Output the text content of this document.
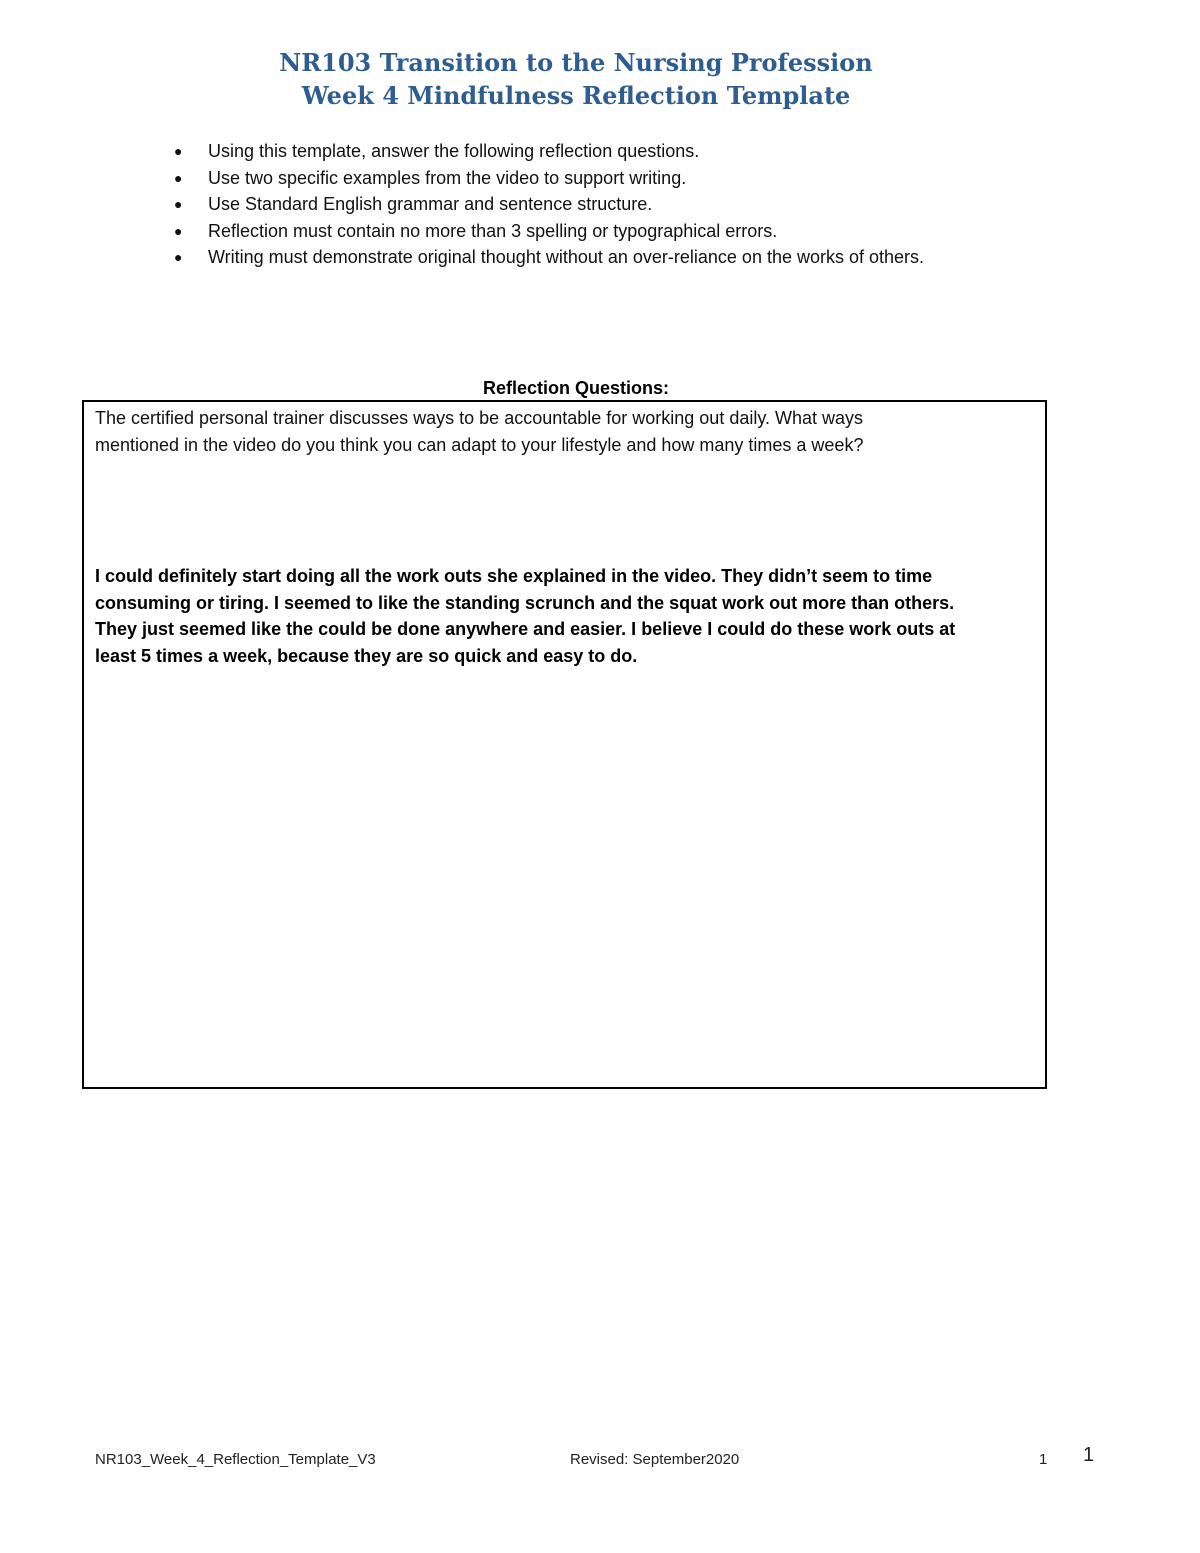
NR103 Transition to the Nursing Profession
Week 4 Mindfulness Reflection Template
● Using this template, answer the following reflection questions.
● Use two specific examples from the video to support writing.
● Use Standard English grammar and sentence structure.
● Reflection must contain no more than 3 spelling or typographical errors.
● Writing must demonstrate original thought without an over-reliance on the works of others.
Reflection Questions:
The certified personal trainer discusses ways to be accountable for working out daily. What ways
mentioned in the video do you think you can adapt to your lifestyle and how many times a week?
I could definitely start doing all the work outs she explained in the video. They didn’t seem to time
consuming or tiring. I seemed to like the standing scrunch and the squat work out more than others.
They just seemed like the could be done anywhere and easier. I believe I could do these work outs at
least 5 times a week, because they are so quick and easy to do.
NR103_Week_4_Reflection_Template_V3	Revised: September2020	1 1
